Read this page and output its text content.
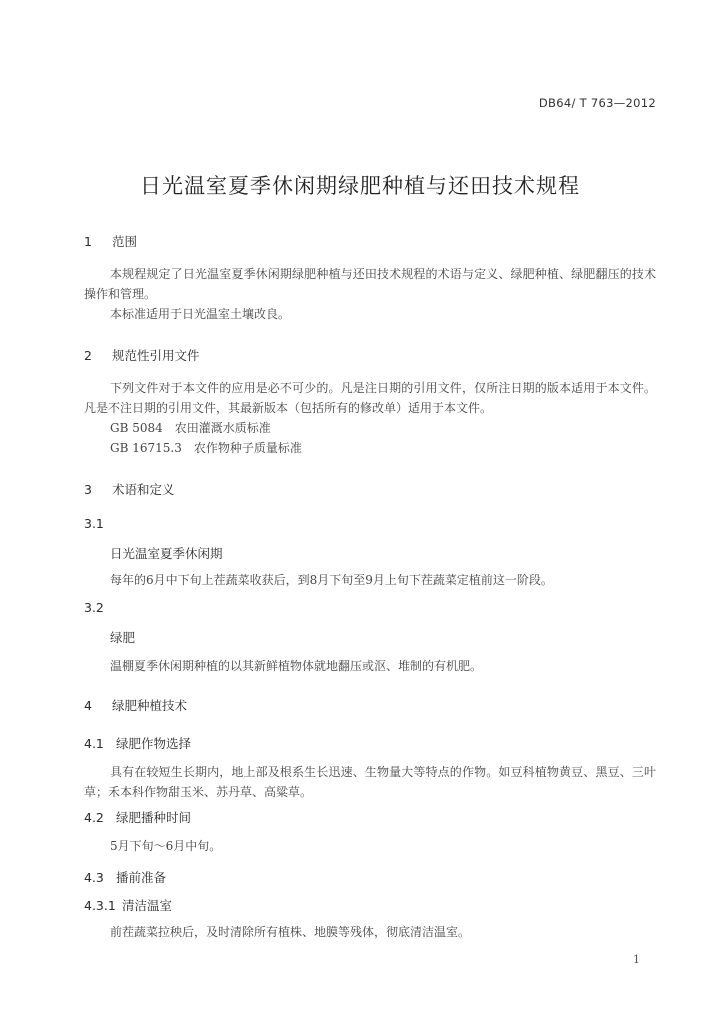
DB64/ T 763—2012
日光温室夏季休闲期绿肥种植与还田技术规程
1 范围
本规程规定了日光温室夏季休闲期绿肥种植与还田技术规程的术语与定义、绿肥种植、绿肥翻压的技术操作和管理。
本标准适用于日光温室土壤改良。
2 规范性引用文件
下列文件对于本文件的应用是必不可少的。凡是注日期的引用文件，仅所注日期的版本适用于本文件。凡是不注日期的引用文件，其最新版本（包括所有的修改单）适用于本文件。
GB 5084　农田灌溉水质标准
GB 16715.3　农作物种子质量标准
3 术语和定义
3.1
日光温室夏季休闲期
每年的6月中下旬上茬蔬菜收获后，到8月下旬至9月上旬下茬蔬菜定植前这一阶段。
3.2
绿肥
温棚夏季休闲期种植的以其新鲜植物体就地翻压或沤、堆制的有机肥。
4 绿肥种植技术
4.1 绿肥作物选择
具有在较短生长期内，地上部及根系生长迅速、生物量大等特点的作物。如豆科植物黄豆、黑豆、三叶草；禾本科作物甜玉米、苏丹草、高粱草。
4.2 绿肥播种时间
5月下旬～6月中旬。
4.3 播前准备
4.3.1 清洁温室
前茬蔬菜拉秧后，及时清除所有植株、地膜等残体，彻底清洁温室。
1
